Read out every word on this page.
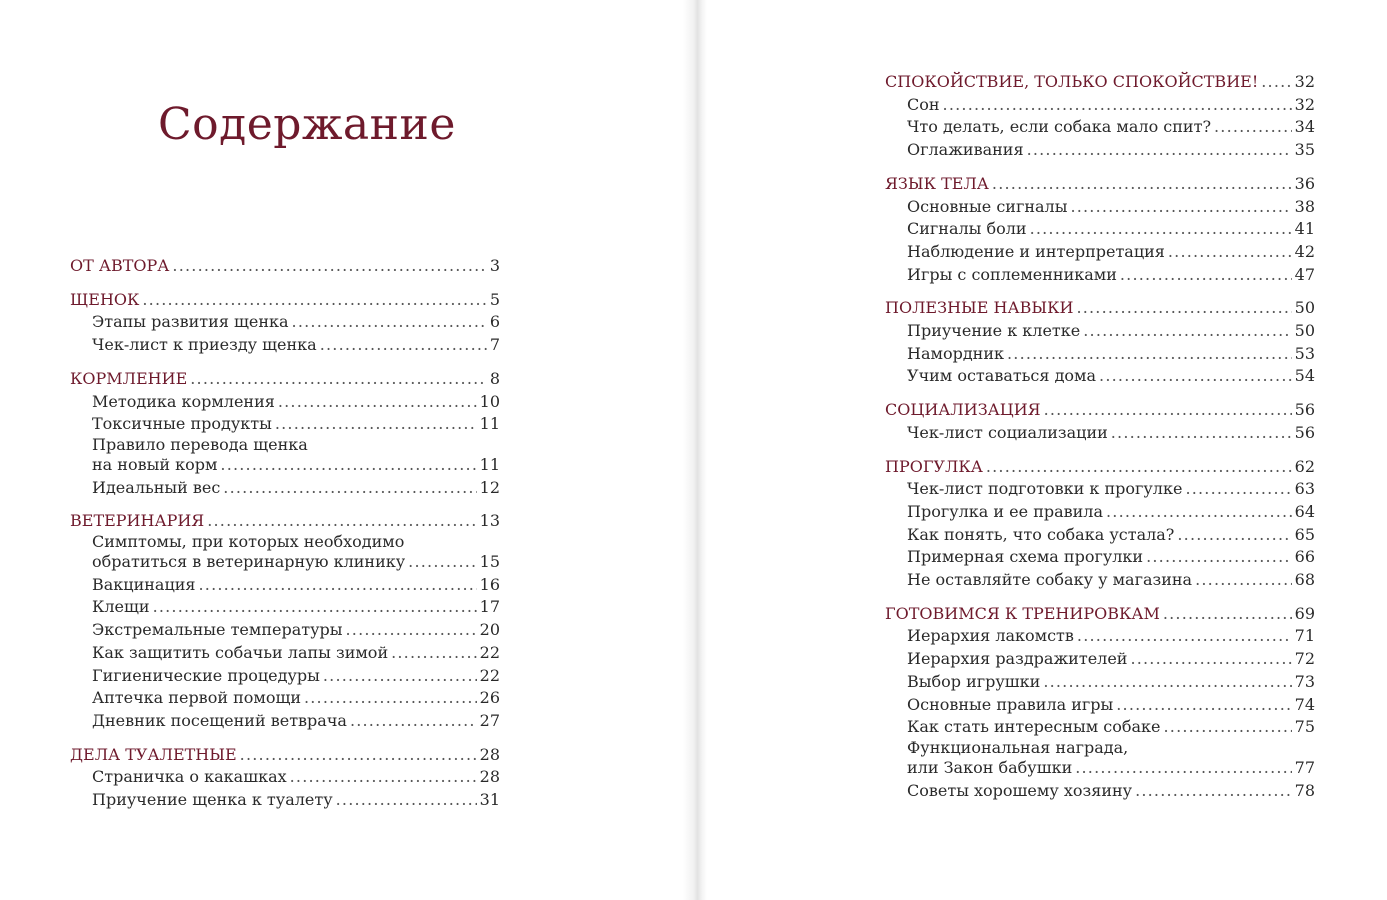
Содержание
ОТ АВТОРА .....	3
ЩЕНОК .....	5
Этапы развития щенка .....	6
Чек-лист к приезду щенка .....	7
КОРМЛЕНИЕ .....	8
Методика кормления .....	10
Токсичные продукты .....	11
Правило перевода щенка
на новый корм .....	11
Идеальный вес .....	12
ВЕТЕРИНАРИЯ .....	13
Симптомы, при которых необходимо
обратиться в ветеринарную клинику .....	15
Вакцинация .....	16
Клещи .....	17
Экстремальные температуры .....	20
Как защитить собачьи лапы зимой .....	22
Гигиенические процедуры .....	22
Аптечка первой помощи .....	26
Дневник посещений ветврача .....	27
ДЕЛА ТУАЛЕТНЫЕ .....	28
Страничка о какашках .....	28
Приучение щенка к туалету .....	31
СПОКОЙСТВИЕ, ТОЛЬКО СПОКОЙСТВИЕ! ..... 32
Сон .....	32
Что делать, если собака мало спит? .....	34
Оглаживания .....	35
ЯЗЫК ТЕЛА .....	36
Основные сигналы .....	38
Сигналы боли .....	41
Наблюдение и интерпретация .....	42
Игры с соплеменниками .....	47
ПОЛЕЗНЫЕ НАВЫКИ .....	50
Приучение к клетке .....	50
Намордник .....	53
Учим оставаться дома .....	54
СОЦИАЛИЗАЦИЯ .....	56
Чек-лист социализации .....	56
ПРОГУЛКА .....	62
Чек-лист подготовки к прогулке .....	63
Прогулка и ее правила .....	64
Как понять, что собака устала? .....	65
Примерная схема прогулки .....	66
Не оставляйте собаку у магазина .....	68
ГОТОВИМСЯ К ТРЕНИРОВКАМ .....	69
Иерархия лакомств .....	71
Иерархия раздражителей .....	72
Выбор игрушки .....	73
Основные правила игры .....	74
Как стать интересным собаке .....	75
Функциональная награда,
или Закон бабушки .....	77
Советы хорошему хозяину .....	78
